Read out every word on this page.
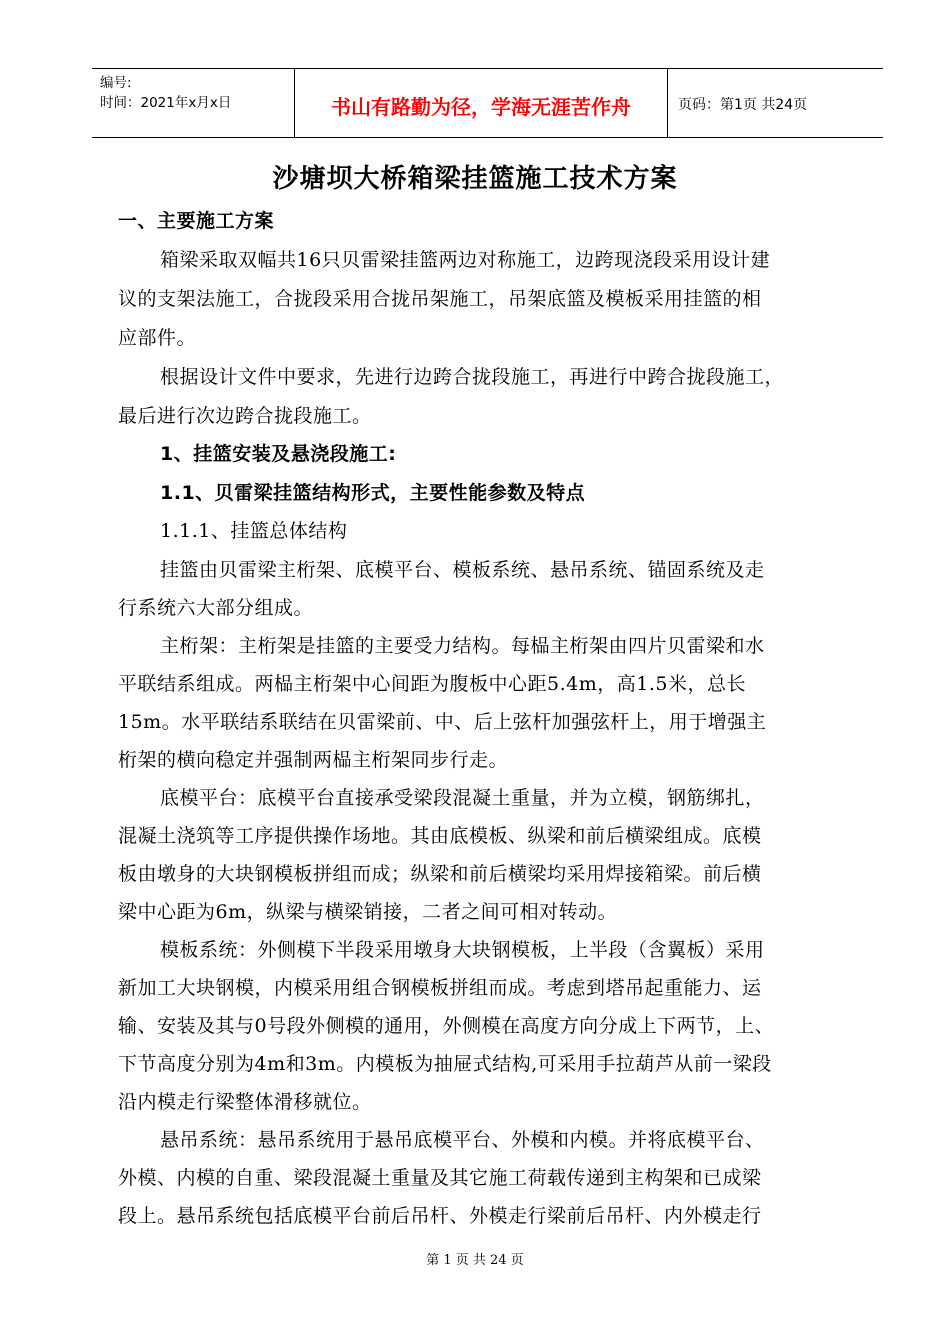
编号:
时间：2021年x月x日	书山有路勤为径，学海无涯苦作舟	页码：第1页 共24页
沙塘坝大桥箱梁挂篮施工技术方案
一、主要施工方案
箱梁采取双幅共16只贝雷梁挂篮两边对称施工，边跨现浇段采用设计建
议的支架法施工，合拢段采用合拢吊架施工，吊架底篮及模板采用挂篮的相
应部件。
根据设计文件中要求，先进行边跨合拢段施工，再进行中跨合拢段施工，
最后进行次边跨合拢段施工。
1、挂篮安装及悬浇段施工:
1.1、贝雷梁挂篮结构形式，主要性能参数及特点
1.1.1、挂篮总体结构
挂篮由贝雷梁主桁架、底模平台、模板系统、悬吊系统、锚固系统及走
行系统六大部分组成。
主桁架：主桁架是挂篮的主要受力结构。每榀主桁架由四片贝雷梁和水
平联结系组成。两榀主桁架中心间距为腹板中心距5.4m，高1.5米，总长
15m。水平联结系联结在贝雷梁前、中、后上弦杆加强弦杆上，用于增强主
桁架的横向稳定并强制两榀主桁架同步行走。
底模平台：底模平台直接承受梁段混凝土重量，并为立模，钢筋绑扎，
混凝土浇筑等工序提供操作场地。其由底模板、纵梁和前后横梁组成。底模
板由墩身的大块钢模板拼组而成；纵梁和前后横梁均采用焊接箱梁。前后横
梁中心距为6m，纵梁与横梁销接，二者之间可相对转动。
模板系统：外侧模下半段采用墩身大块钢模板，上半段（含翼板）采用
新加工大块钢模，内模采用组合钢模板拼组而成。考虑到塔吊起重能力、运
输、安装及其与0号段外侧模的通用，外侧模在高度方向分成上下两节，上、
下节高度分别为4m和3m。内模板为抽屉式结构,可采用手拉葫芦从前一梁段
沿内模走行梁整体滑移就位。
悬吊系统：悬吊系统用于悬吊底模平台、外模和内模。并将底模平台、
外模、内模的自重、梁段混凝土重量及其它施工荷载传递到主构架和已成梁
段上。悬吊系统包括底模平台前后吊杆、外模走行梁前后吊杆、内外模走行
第 1 页 共 24 页
